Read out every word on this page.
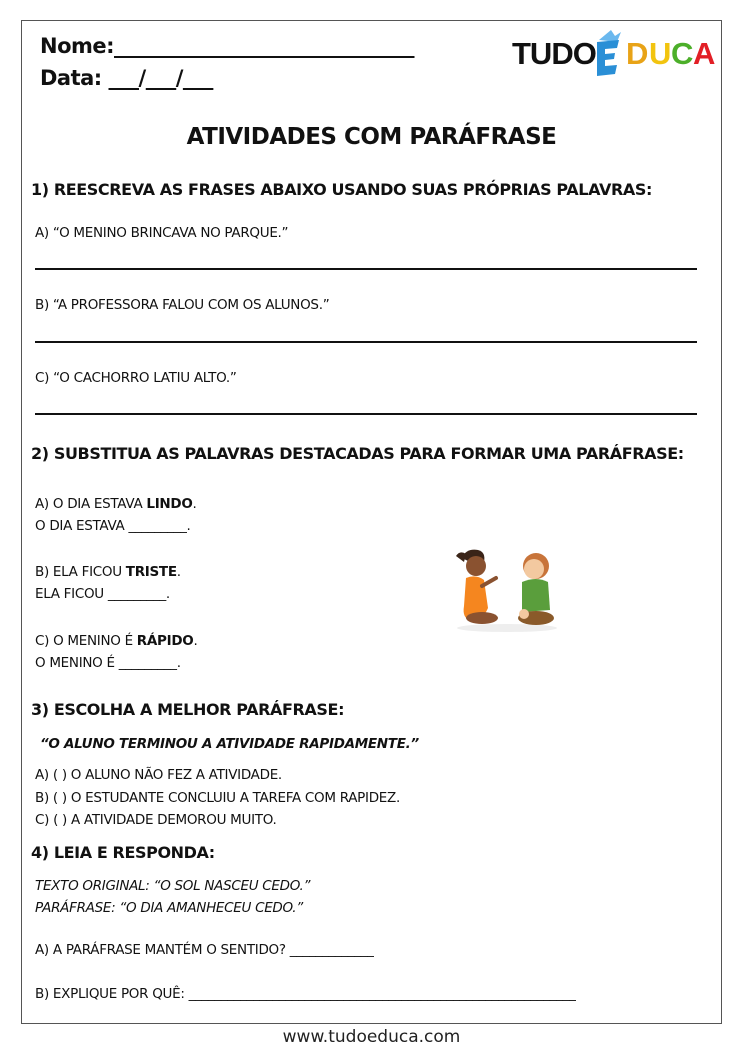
Nome:______________________________
Data: ___/___/___
TUDO D U C A
ATIVIDADES COM PARÁFRASE
1) REESCREVA AS FRASES ABAIXO USANDO SUAS PRÓPRIAS PALAVRAS:
A) “O MENINO BRINCAVA NO PARQUE.”
B) “A PROFESSORA FALOU COM OS ALUNOS.”
C) “O CACHORRO LATIU ALTO.”
2) SUBSTITUA AS PALAVRAS DESTACADAS PARA FORMAR UMA PARÁFRASE:
A) O DIA ESTAVA LINDO.
O DIA ESTAVA _________.
B) ELA FICOU TRISTE.
ELA FICOU _________.
C) O MENINO É RÁPIDO.
O MENINO É _________.
3) ESCOLHA A MELHOR PARÁFRASE:
“O ALUNO TERMINOU A ATIVIDADE RAPIDAMENTE.”
A) ( ) O ALUNO NÃO FEZ A ATIVIDADE.
B) ( ) O ESTUDANTE CONCLUIU A TAREFA COM RAPIDEZ.
C) ( ) A ATIVIDADE DEMOROU MUITO.
4) LEIA E RESPONDA:
TEXTO ORIGINAL: “O SOL NASCEU CEDO.”
PARÁFRASE: “O DIA AMANHECEU CEDO.”
A) A PARÁFRASE MANTÉM O SENTIDO? _____________
B) EXPLIQUE POR QUÊ: ____________________________________________________________
www.tudoeduca.com
